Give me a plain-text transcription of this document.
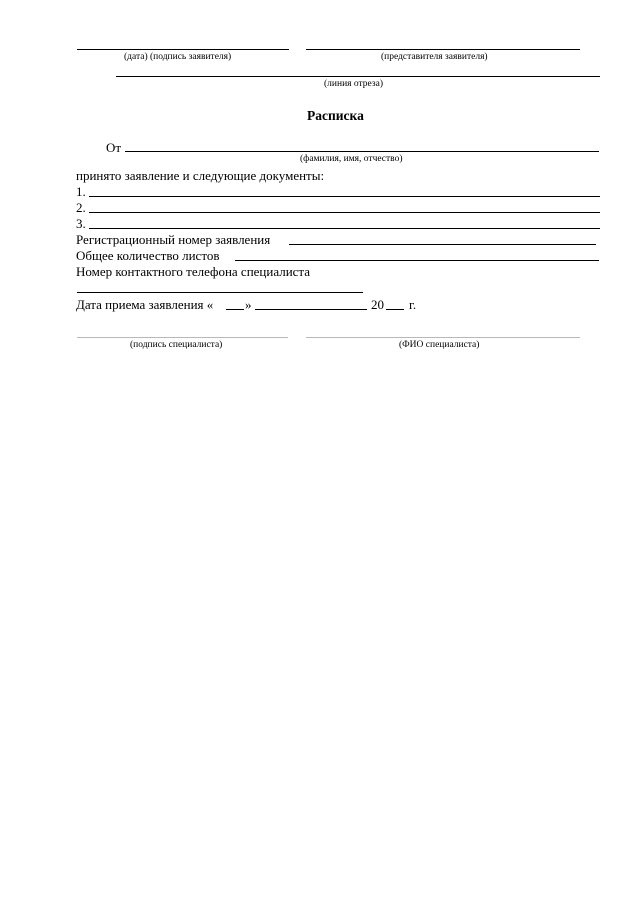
(дата) (подпись заявителя)	(представителя заявителя)
(линия отреза)
Расписка
От
(фамилия, имя, отчество)
принято заявление и следующие документы:
1.
2.
3.
Регистрационный номер заявления
Общее количество листов
Номер контактного телефона специалиста
Дата приема заявления « »	20 г.
(подпись специалиста)	(ФИО специалиста)
